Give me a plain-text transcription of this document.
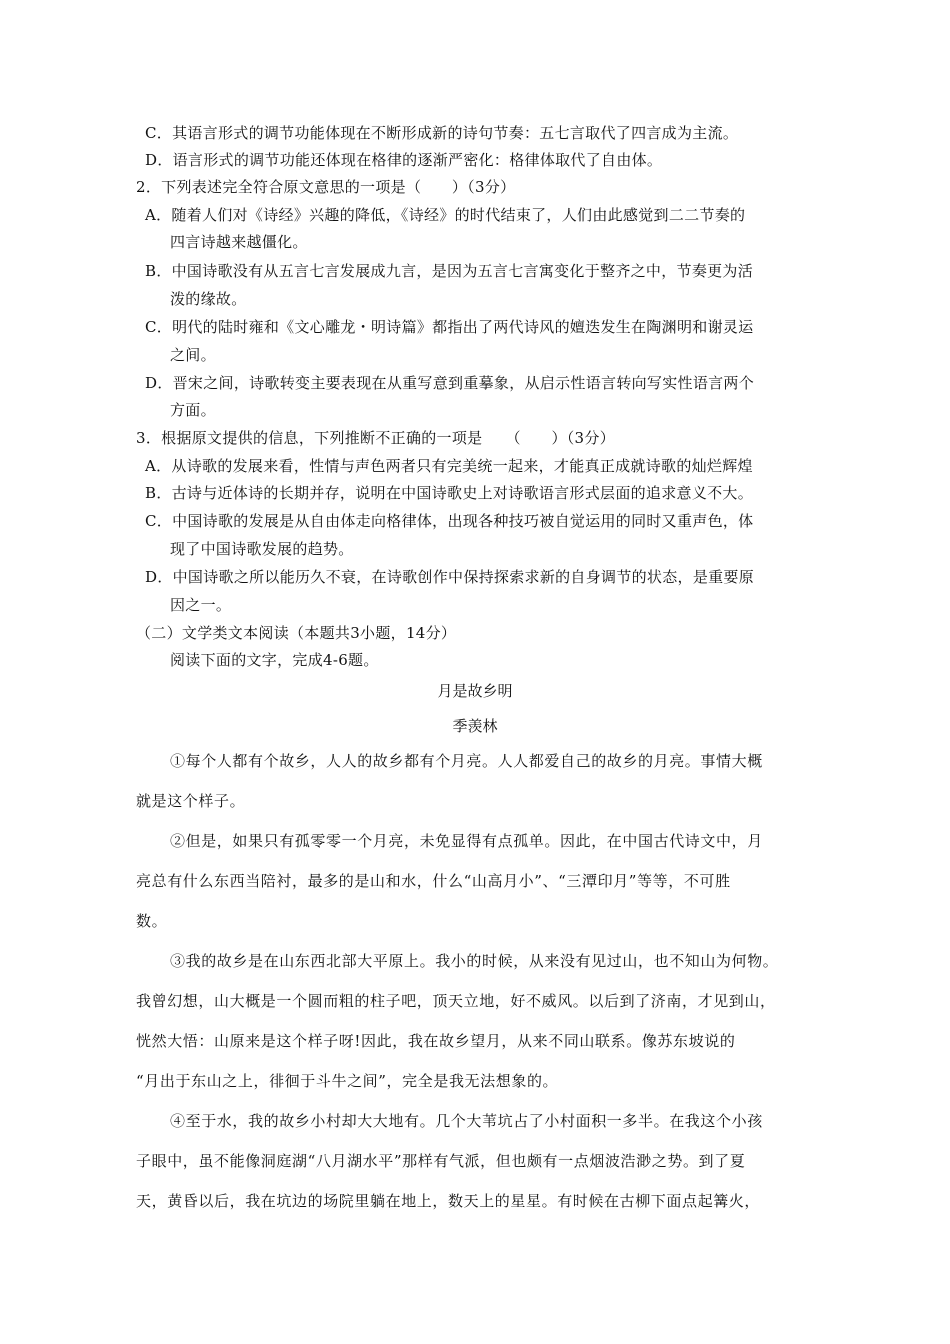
C．其语言形式的调节功能体现在不断形成新的诗句节奏：五七言取代了四言成为主流。
D．语言形式的调节功能还体现在格律的逐渐严密化：格律体取代了自由体。
2．下列表述完全符合原文意思的一项是（　　）（3分）
A．随着人们对《诗经》兴趣的降低，《诗经》的时代结束了，人们由此感觉到二二节奏的
四言诗越来越僵化。
B．中国诗歌没有从五言七言发展成九言，是因为五言七言寓变化于整齐之中，节奏更为活
泼的缘故。
C．明代的陆时雍和《文心雕龙・明诗篇》都指出了两代诗风的嬗迭发生在陶渊明和谢灵运
之间。
D．晋宋之间，诗歌转变主要表现在从重写意到重摹象，从启示性语言转向写实性语言两个
方面。
3．根据原文提供的信息，下列推断不正确的一项是　　（　　）（3分）
A．从诗歌的发展来看，性情与声色两者只有完美统一起来，才能真正成就诗歌的灿烂辉煌
B．古诗与近体诗的长期并存，说明在中国诗歌史上对诗歌语言形式层面的追求意义不大。
C．中国诗歌的发展是从自由体走向格律体，出现各种技巧被自觉运用的同时又重声色，体
现了中国诗歌发展的趋势。
D．中国诗歌之所以能历久不衰，在诗歌创作中保持探索求新的自身调节的状态，是重要原
因之一。
（二）文学类文本阅读（本题共3小题，14分）
阅读下面的文字，完成4-6题。
月是故乡明
季羡林
①每个人都有个故乡，人人的故乡都有个月亮。人人都爱自己的故乡的月亮。事情大概
就是这个样子。
②但是，如果只有孤零零一个月亮，未免显得有点孤单。因此，在中国古代诗文中，月
亮总有什么东西当陪衬，最多的是山和水，什么“山高月小”、“三潭印月”等等，不可胜
数。
③我的故乡是在山东西北部大平原上。我小的时候，从来没有见过山，也不知山为何物。
我曾幻想，山大概是一个圆而粗的柱子吧，顶天立地，好不威风。以后到了济南，才见到山，
恍然大悟：山原来是这个样子呀!因此，我在故乡望月，从来不同山联系。像苏东坡说的
“月出于东山之上，徘徊于斗牛之间”，完全是我无法想象的。
④至于水，我的故乡小村却大大地有。几个大苇坑占了小村面积一多半。在我这个小孩
子眼中，虽不能像洞庭湖“八月湖水平”那样有气派，但也颇有一点烟波浩渺之势。到了夏
天，黄昏以后，我在坑边的场院里躺在地上，数天上的星星。有时候在古柳下面点起篝火，
